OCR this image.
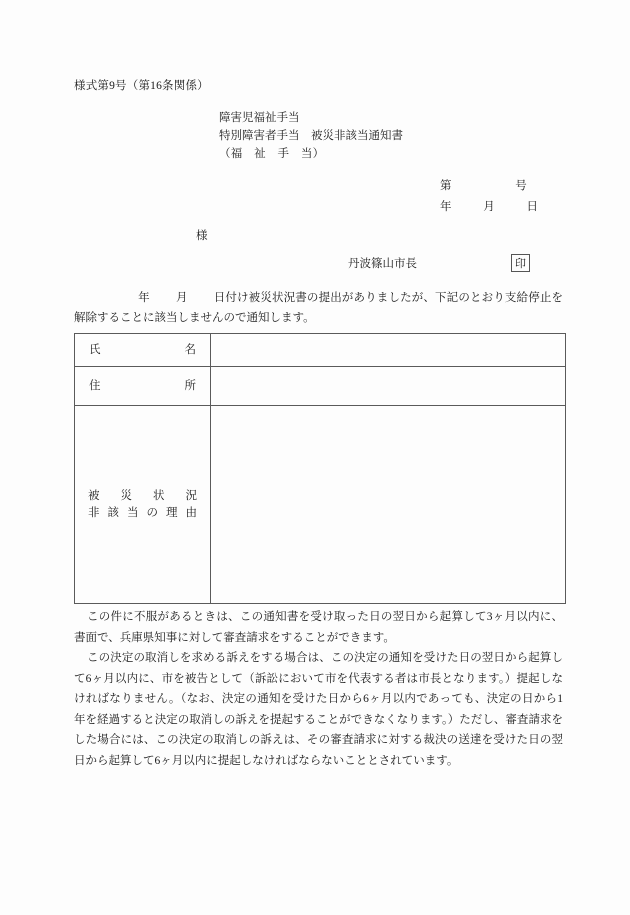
様式第9号（第16条関係）
障害児福祉手当
特別障害者手当　被災非該当通知書
（福　祉　手　当）
第	号
年	月	日
様
丹波篠山市長	印
年 月 日付け被災状況書の提出がありましたが、下記のとおり支給停止を解除することに該当しませんので通知します。
氏 名	

住 所	

被 災 状 況
非 該 当 の 理 由

この件に不服があるときは、この通知書を受け取った日の翌日から起算して3ヶ月以内に、書面で、兵庫県知事に対して審査請求をすることができます。

この決定の取消しを求める訴えをする場合は、この決定の通知を受けた日の翌日から起算して6ヶ月以内に、市を被告として（訴訟において市を代表する者は市長となります。）提起しなければなりません。（なお、決定の通知を受けた日から6ヶ月以内であっても、決定の日から1年を経過すると決定の取消しの訴えを提起することができなくなります。）ただし、審査請求をした場合には、この決定の取消しの訴えは、その審査請求に対する裁決の送達を受けた日の翌日から起算して6ヶ月以内に提起しなければならないこととされています。
